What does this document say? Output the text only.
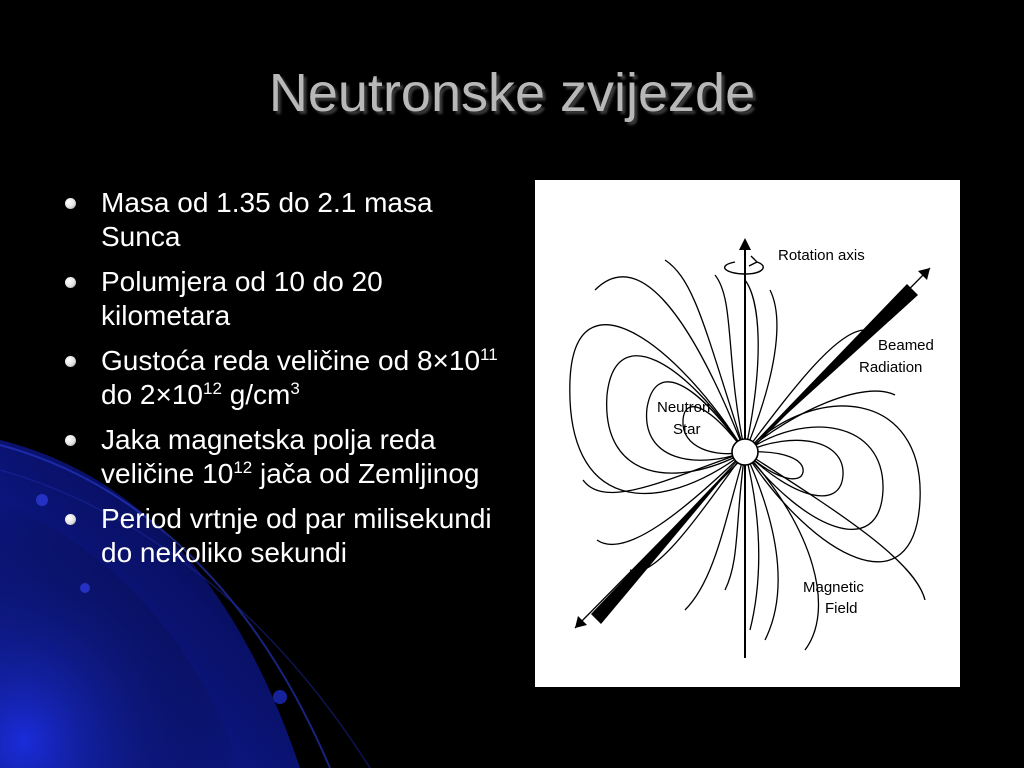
Neutronske zvijezde
Masa od 1.35 do 2.1 masa Sunca
Polumjera od 10 do 20 kilometara
Gustoća reda veličine od $8\times 10^{11}$ do $2\times 10^{12}$ $g/cm^3$
Jaka magnetska polja reda veličine $10^{12}$ jača od Zemljinog
Period vrtnje od par milisekundi do nekoliko sekundi
Rotation axis
Beamed
Radiation
Neutron
Star
Magnetic
Field
